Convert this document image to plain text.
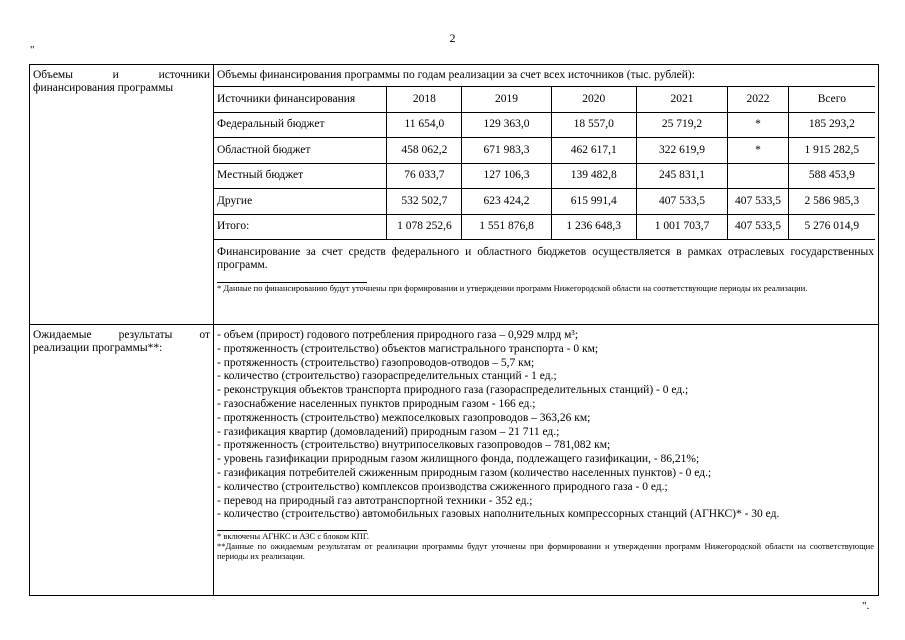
2
"
Объемы и источники финансирования программы
Объемы финансирования программы по годам реализации за счет всех источников (тыс. рублей):
Источники финансирования	2018	2019	2020	2021	2022	Всего
Федеральный бюджет	11 654,0	129 363,0	18 557,0	25 719,2	*	185 293,2
Областной бюджет	458 062,2	671 983,3	462 617,1	322 619,9	*	1 915 282,5
Местный бюджет	76 033,7	127 106,3	139 482,8	245 831,1		588 453,9
Другие	532 502,7	623 424,2	615 991,4	407 533,5	407 533,5	2 586 985,3
Итого:	1 078 252,6	1 551 876,8	1 236 648,3	1 001 703,7	407 533,5	5 276 014,9
Финансирование за счет средств федерального и областного бюджетов осуществляется в рамках отраслевых государственных программ.
* Данные по финансированию будут уточнены при формировании и утверждении программ Нижегородской области на соответствующие периоды их реализации.
Ожидаемые результаты от реализации программы**:
- объем (прирост) годового потребления природного газа – 0,929 млрд м³;
- протяженность (строительство) объектов магистрального транспорта - 0 км;
- протяженность (строительство) газопроводов-отводов – 5,7 км;
- количество (строительство) газораспределительных станций - 1 ед.;
- реконструкция объектов транспорта природного газа (газораспределительных станций) - 0 ед.;
- газоснабжение населенных пунктов природным газом - 166 ед.;
- протяженность (строительство) межпоселковых газопроводов – 363,26 км;
- газификация квартир (домовладений) природным газом – 21 711 ед.;
- протяженность (строительство) внутрипоселковых газопроводов – 781,082 км;
- уровень газификации природным газом жилищного фонда, подлежащего газификации, - 86,21%;
- газификация потребителей сжиженным природным газом (количество населенных пунктов) - 0 ед.;
- количество (строительство) комплексов производства сжиженного природного газа - 0 ед.;
- перевод на природный газ автотранспортной техники - 352 ед.;
- количество (строительство) автомобильных газовых наполнительных компрессорных станций (АГНКС)* - 30 ед.
* включены АГНКС и АЗС с блоком КПГ.
**Данные по ожидаемым результатам от реализации программы будут уточнены при формировании и утверждении программ Нижегородской области на соответствующие периоды их реализации.
".
